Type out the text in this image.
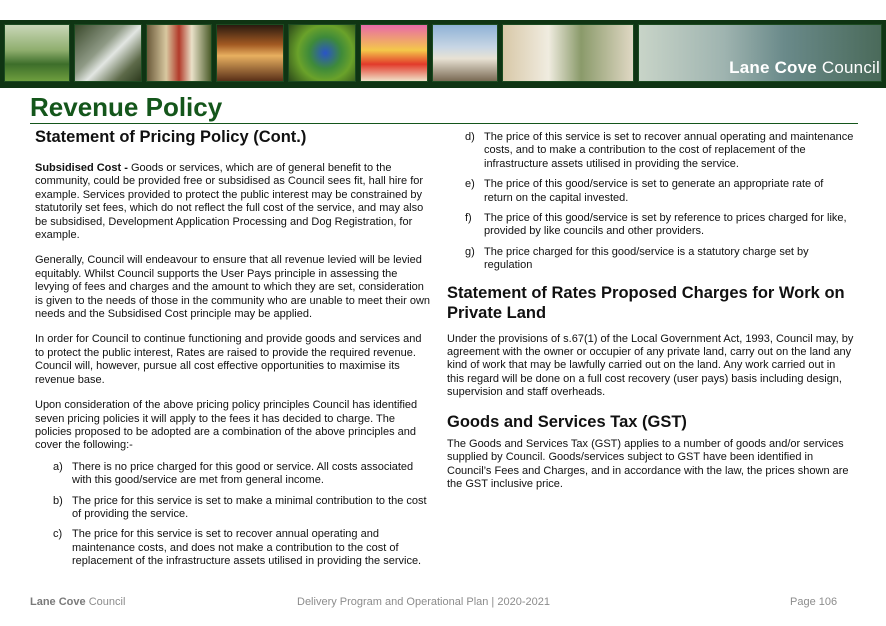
Lane Cove Council
Revenue Policy
Statement of Pricing Policy (Cont.)

Subsidised Cost - Goods or services, which are of general benefit to the community, could be provided free or subsidised as Council sees fit, hall hire for example. Services provided to protect the public interest may be constrained by statutorily set fees, which do not reflect the full cost of the service, and may also be subsidised, Development Application Processing and Dog Registration, for example.

Generally, Council will endeavour to ensure that all revenue levied will be levied equitably. Whilst Council supports the User Pays principle in assessing the levying of fees and charges and the amount to which they are set, consideration is given to the needs of those in the community who are unable to meet their own needs and the Subsidised Cost principle may be applied.

In order for Council to continue functioning and provide goods and services and to protect the public interest, Rates are raised to provide the required revenue. Council will, however, pursue all cost effective opportunities to maximise its revenue base.

Upon consideration of the above pricing policy principles Council has identified seven pricing policies it will apply to the fees it has decided to charge. The policies proposed to be adopted are a combination of the above principles and cover the following:-

a) There is no price charged for this good or service. All costs associated with this good/service are met from general income.
b) The price for this service is set to make a minimal contribution to the cost of providing the service.
c) The price for this service is set to recover annual operating and maintenance costs, and does not make a contribution to the cost of replacement of the infrastructure assets utilised in providing the service.
d) The price of this service is set to recover annual operating and maintenance costs, and to make a contribution to the cost of replacement of the infrastructure assets utilised in providing the service.
e) The price of this good/service is set to generate an appropriate rate of return on the capital invested.
f) The price of this good/service is set by reference to prices charged for like, provided by like councils and other providers.
g) The price charged for this good/service is a statutory charge set by regulation
Statement of Rates Proposed Charges for Work on Private Land

Under the provisions of s.67(1) of the Local Government Act, 1993, Council may, by agreement with the owner or occupier of any private land, carry out on the land any kind of work that may be lawfully carried out on the land. Any work carried out in this regard will be done on a full cost recovery (user pays) basis including design, supervision and staff overheads.

Goods and Services Tax (GST)

The Goods and Services Tax (GST) applies to a number of goods and/or services supplied by Council. Goods/services subject to GST have been identified in Council’s Fees and Charges, and in accordance with the law, the prices shown are the GST inclusive price.

Lane Cove Council	Delivery Program and Operational Plan | 2020-2021	Page 106
